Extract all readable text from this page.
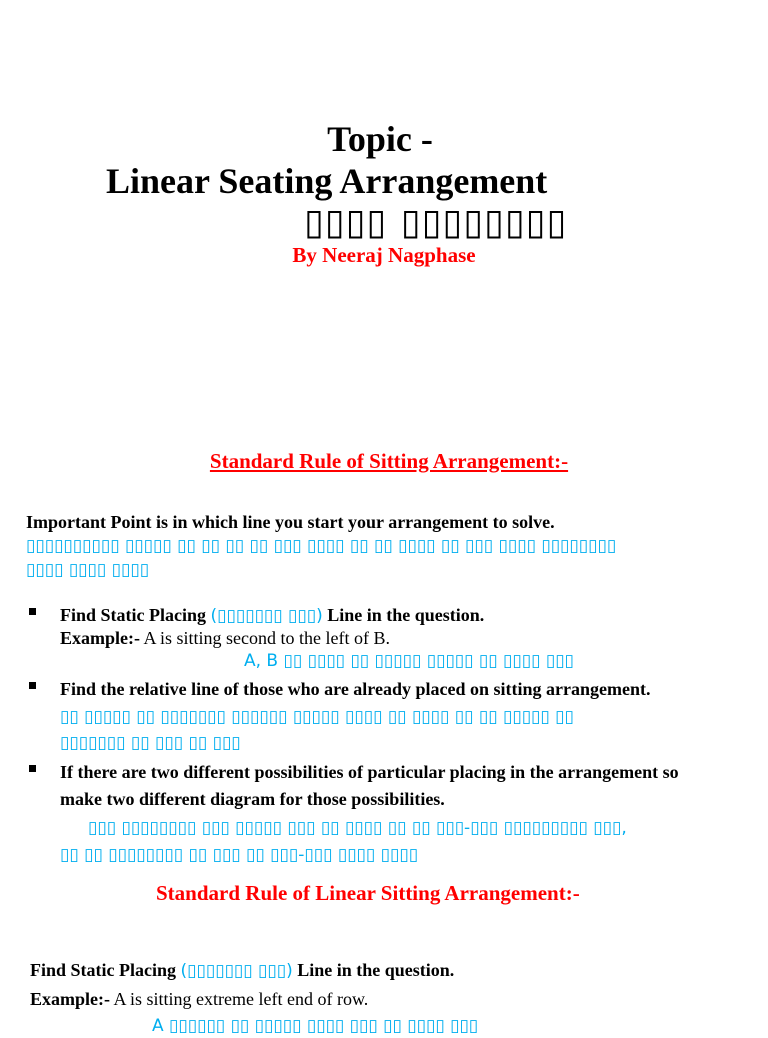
Topic -
Linear Seating Arrangement
▯▯▯▯ ▯▯▯▯▯▯▯▯
By Neeraj Nagphase
Standard Rule of Sitting Arrangement:-
Important Point is in which line you start your arrangement to solve.
▯▯▯▯▯▯▯▯▯▯ ▯▯▯▯▯ ▯▯ ▯▯ ▯▯ ▯▯ ▯▯▯ ▯▯▯▯ ▯▯ ▯▯ ▯▯▯▯ ▯▯ ▯▯▯ ▯▯▯▯ ▯▯▯▯▯▯▯▯
▯▯▯▯ ▯▯▯▯ ▯▯▯▯
Find Static Placing (▯▯▯▯▯▯▯ ▯▯▯) Line in the question.
Example:- A is sitting second to the left of B.
A, B ▯▯ ▯▯▯▯ ▯▯ ▯▯▯▯▯ ▯▯▯▯▯ ▯▯ ▯▯▯▯ ▯▯▯
Find the relative line of those who are already placed on sitting arrangement.
▯▯ ▯▯▯▯▯ ▯▯ ▯▯▯▯▯▯▯ ▯▯▯▯▯▯ ▯▯▯▯▯ ▯▯▯▯ ▯▯ ▯▯▯▯ ▯▯ ▯▯ ▯▯▯▯▯ ▯▯
▯▯▯▯▯▯▯ ▯▯ ▯▯▯ ▯▯ ▯▯▯
If there are two different possibilities of particular placing in the arrangement so
make two different diagram for those possibilities.
▯▯▯ ▯▯▯▯▯▯▯▯ ▯▯▯ ▯▯▯▯▯ ▯▯▯ ▯▯ ▯▯▯▯ ▯▯ ▯▯ ▯▯▯-▯▯▯ ▯▯▯▯▯▯▯▯▯ ▯▯▯,
▯▯ ▯▯ ▯▯▯▯▯▯▯▯ ▯▯ ▯▯▯ ▯▯ ▯▯▯-▯▯▯ ▯▯▯▯ ▯▯▯▯
Standard Rule of Linear Sitting Arrangement:-
Find Static Placing (▯▯▯▯▯▯▯ ▯▯▯) Line in the question.
Example:- A is sitting extreme left end of row.
A ▯▯▯▯▯▯ ▯▯ ▯▯▯▯▯ ▯▯▯▯ ▯▯▯ ▯▯ ▯▯▯▯ ▯▯▯
